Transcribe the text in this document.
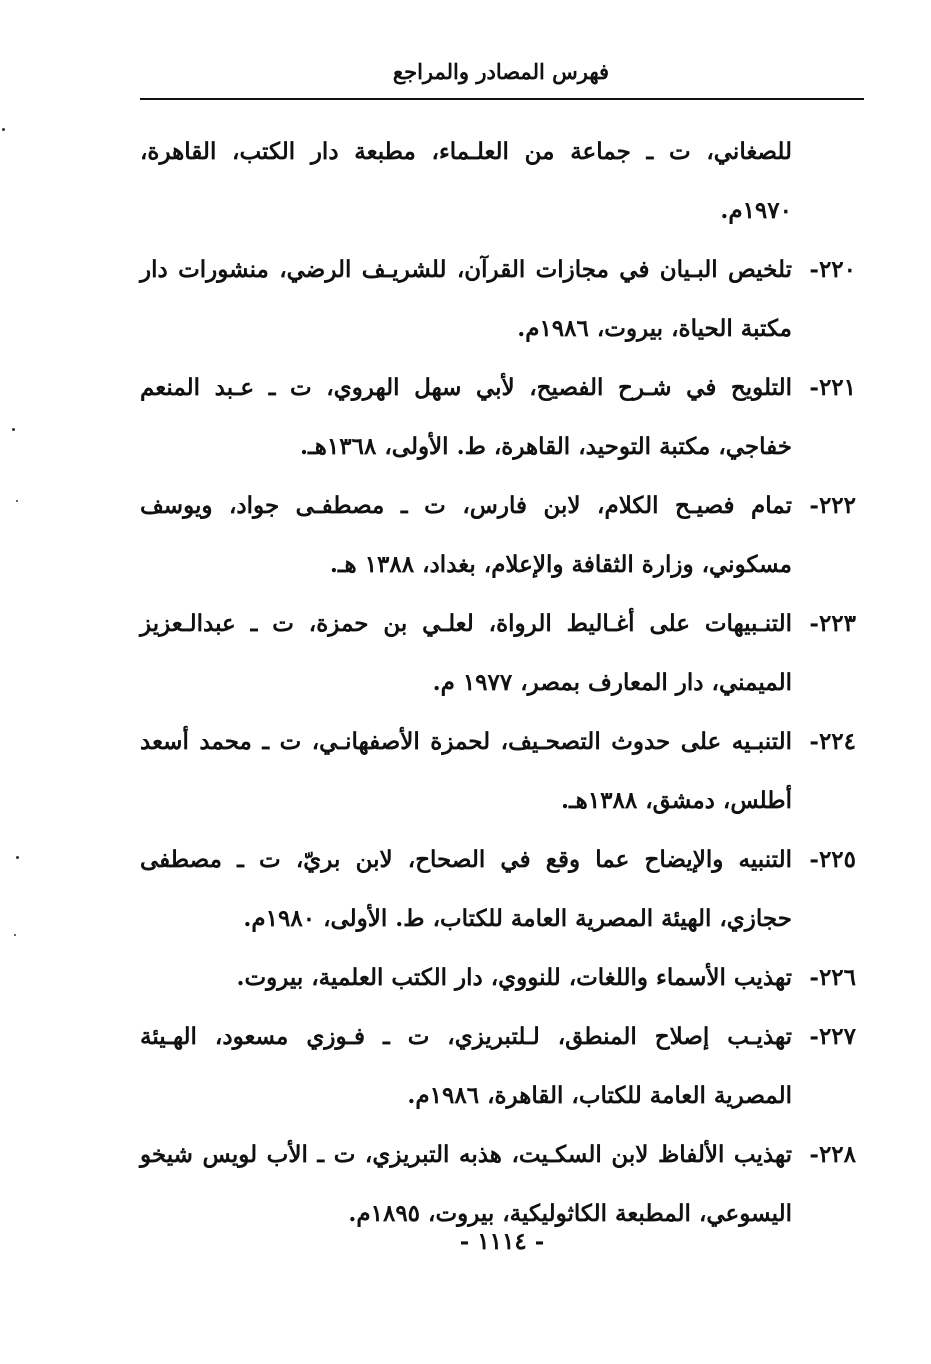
فهرس المصادر والمراجع
للصغاني، ت ـ جماعة من العلـماء، مطبعة دار الكتب، القاهرة، ١٩٧٠م.
٢٢٠-
تلخيص البـيان في مجازات القرآن، للشريـف الرضي، منشورات دار مكتبة الحياة، بيروت، ١٩٨٦م.
٢٢١-
التلويح في شـرح الفصيح، لأبي سهل الهروي، ت ـ عـبد المنعم خفاجي، مكتبة التوحيد، القاهرة، ط. الأولى، ١٣٦٨هـ.
٢٢٢-
تمام فصيـح الكلام، لابن فارس، ت ـ مصطفـى جواد، ويوسف مسكوني، وزارة الثقافة والإعلام، بغداد، ١٣٨٨ هـ.
٢٢٣-
التنـبيهات على أغـاليط الرواة، لعلـي بن حمزة، ت ـ عبدالـعزيز الميمني، دار المعارف بمصر، ١٩٧٧ م.
٢٢٤-
التنبـيه على حدوث التصحـيف، لحمزة الأصفهانـي، ت ـ محمد أسعد أطلس، دمشق، ١٣٨٨هـ.
٢٢٥-
التنبيه والإيضاح عما وقع في الصحاح، لابن بريّ، ت ـ مصطفى حجازي، الهيئة المصرية العامة للكتاب، ط. الأولى، ١٩٨٠م.
٢٢٦-
تهذيب الأسماء واللغات، للنووي، دار الكتب العلمية، بيروت.
٢٢٧-
تهذيـب إصلاح المنطق، لـلتبريزي، ت ـ فـوزي مسعود، الهـيئة المصرية العامة للكتاب، القاهرة، ١٩٨٦م.
٢٢٨-
تهذيب الألفاظ لابن السكـيت، هذبه التبريزي، ت ـ الأب لويس شيخو اليسوعي، المطبعة الكاثوليكية، بيروت، ١٨٩٥م.
- ١١١٤ -
